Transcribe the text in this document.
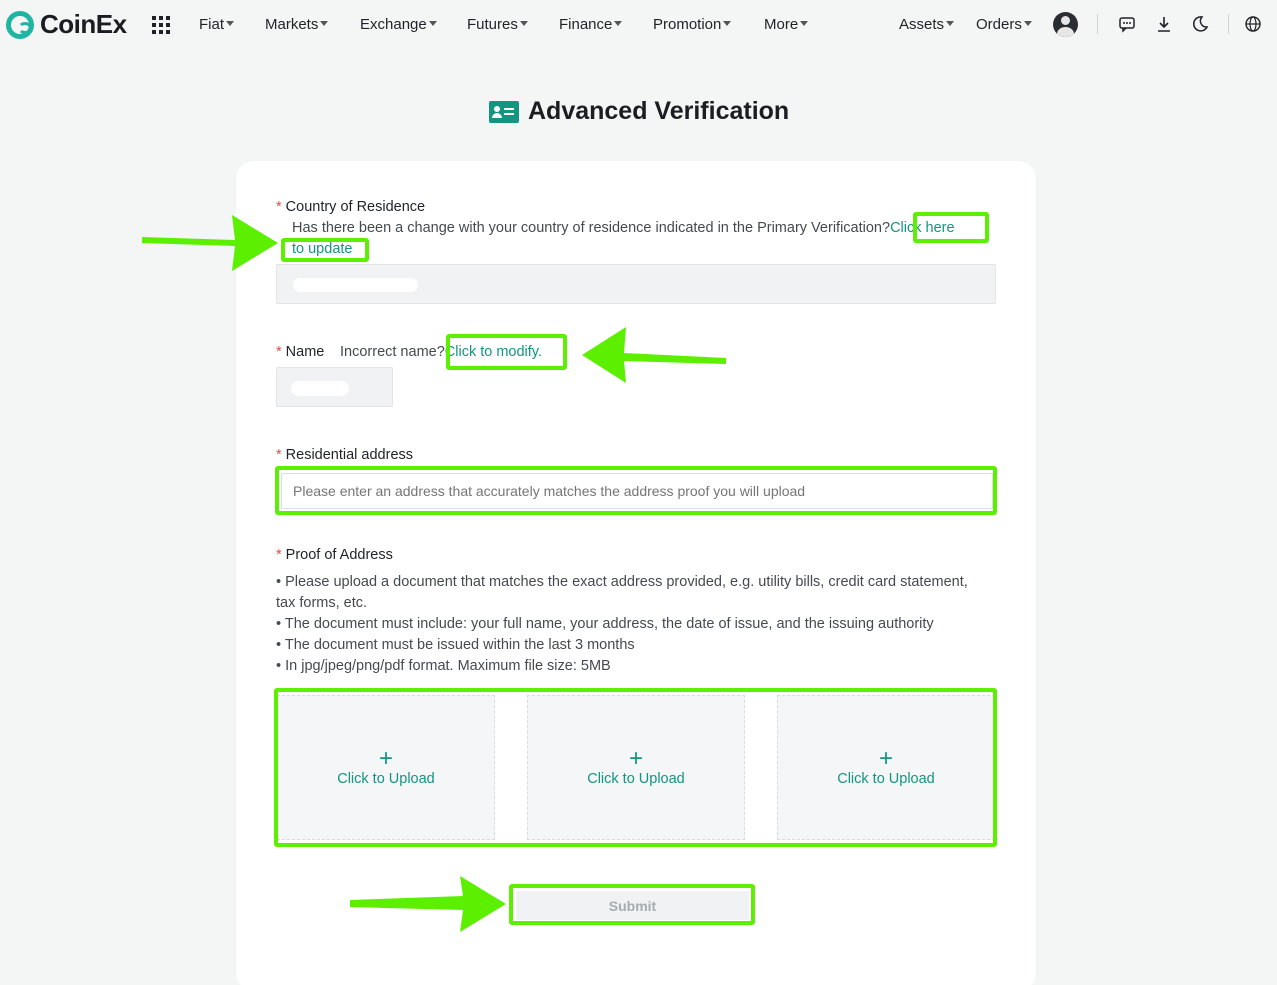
CoinEx	Fiat	Markets	Exchange	Futures	Finance	Promotion	More	Assets	Orders
Advanced Verification
* Country of Residence
Has there been a change with your country of residence indicated in the Primary Verification?Click here
to update
* Name Incorrect name?Click to modify.
* Residential address
Please enter an address that accurately matches the address proof you will upload
* Proof of Address
• Please upload a document that matches the exact address provided, e.g. utility bills, credit card statement, tax forms, etc.
• The document must include: your full name, your address, the date of issue, and the issuing authority
• The document must be issued within the last 3 months
• In jpg/jpeg/png/pdf format. Maximum file size: 5MB
+
Click to Upload
+
Click to Upload
+
Click to Upload
Submit
